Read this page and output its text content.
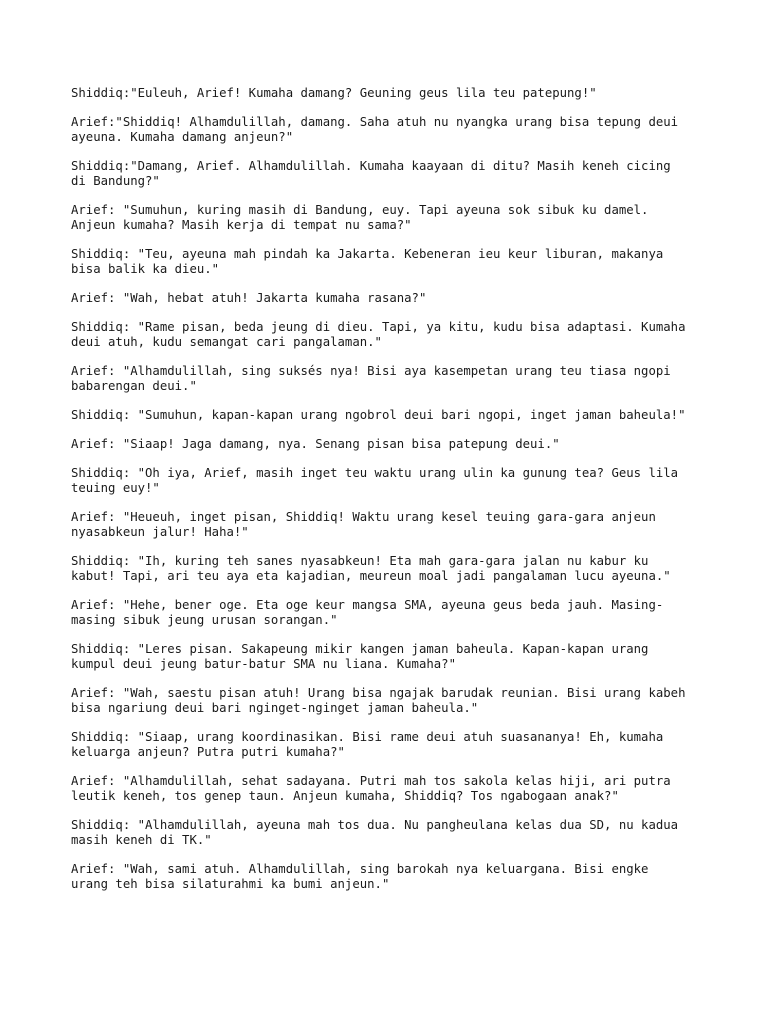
Shiddiq:"Euleuh, Arief! Kumaha damang? Geuning geus lila teu patepung!"

Arief:"Shiddiq! Alhamdulillah, damang. Saha atuh nu nyangka urang bisa tepung deui
ayeuna. Kumaha damang anjeun?"

Shiddiq:"Damang, Arief. Alhamdulillah. Kumaha kaayaan di ditu? Masih keneh cicing
di Bandung?"

Arief: "Sumuhun, kuring masih di Bandung, euy. Tapi ayeuna sok sibuk ku damel.
Anjeun kumaha? Masih kerja di tempat nu sama?"

Shiddiq: "Teu, ayeuna mah pindah ka Jakarta. Kebeneran ieu keur liburan, makanya
bisa balik ka dieu."

Arief: "Wah, hebat atuh! Jakarta kumaha rasana?"

Shiddiq: "Rame pisan, beda jeung di dieu. Tapi, ya kitu, kudu bisa adaptasi. Kumaha
deui atuh, kudu semangat cari pangalaman."

Arief: "Alhamdulillah, sing suksés nya! Bisi aya kasempetan urang teu tiasa ngopi
babarengan deui."

Shiddiq: "Sumuhun, kapan-kapan urang ngobrol deui bari ngopi, inget jaman baheula!"

Arief: "Siaap! Jaga damang, nya. Senang pisan bisa patepung deui."

Shiddiq: "Oh iya, Arief, masih inget teu waktu urang ulin ka gunung tea? Geus lila
teuing euy!"

Arief: "Heueuh, inget pisan, Shiddiq! Waktu urang kesel teuing gara-gara anjeun
nyasabkeun jalur! Haha!"

Shiddiq: "Ih, kuring teh sanes nyasabkeun! Eta mah gara-gara jalan nu kabur ku
kabut! Tapi, ari teu aya eta kajadian, meureun moal jadi pangalaman lucu ayeuna."

Arief: "Hehe, bener oge. Eta oge keur mangsa SMA, ayeuna geus beda jauh. Masing-
masing sibuk jeung urusan sorangan."

Shiddiq: "Leres pisan. Sakapeung mikir kangen jaman baheula. Kapan-kapan urang
kumpul deui jeung batur-batur SMA nu liana. Kumaha?"

Arief: "Wah, saestu pisan atuh! Urang bisa ngajak barudak reunian. Bisi urang kabeh
bisa ngariung deui bari nginget-nginget jaman baheula."

Shiddiq: "Siaap, urang koordinasikan. Bisi rame deui atuh suasananya! Eh, kumaha
keluarga anjeun? Putra putri kumaha?"

Arief: "Alhamdulillah, sehat sadayana. Putri mah tos sakola kelas hiji, ari putra
leutik keneh, tos genep taun. Anjeun kumaha, Shiddiq? Tos ngabogaan anak?"

Shiddiq: "Alhamdulillah, ayeuna mah tos dua. Nu pangheulana kelas dua SD, nu kadua
masih keneh di TK."

Arief: "Wah, sami atuh. Alhamdulillah, sing barokah nya keluargana. Bisi engke
urang teh bisa silaturahmi ka bumi anjeun."
